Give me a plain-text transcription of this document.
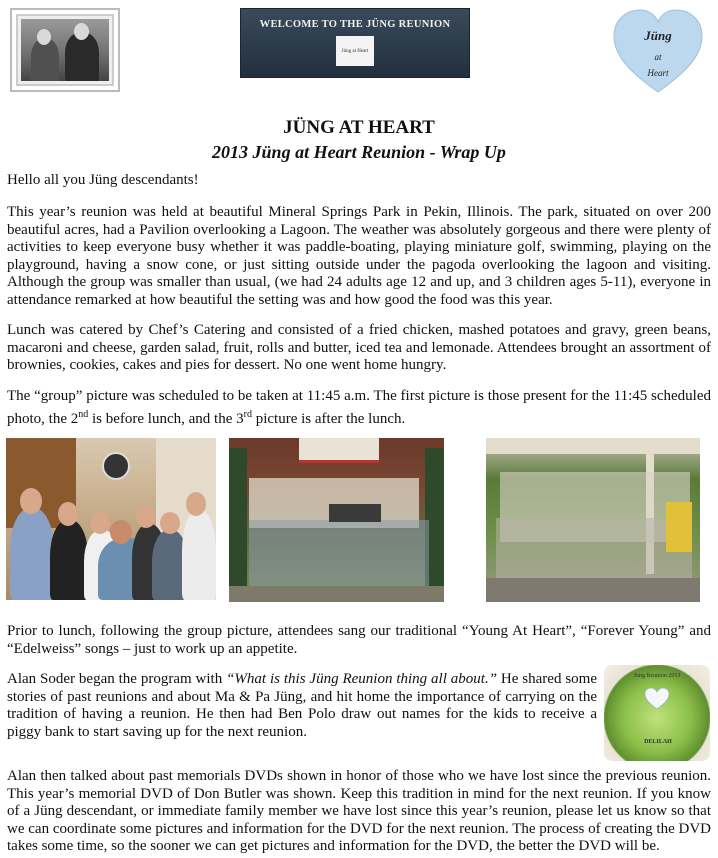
WELCOME TO THE JÜNG REUNION
Jüng at Heart
Jüng
at
Heart
JÜNG AT HEART
2013 Jüng at Heart Reunion - Wrap Up
Hello all you Jüng descendants!

This year’s reunion was held at beautiful Mineral Springs Park in Pekin, Illinois. The park, situated on over 200 beautiful acres, had a Pavilion overlooking a Lagoon. The weather was absolutely gorgeous and there were plenty of activities to keep everyone busy whether it was paddle-boating, playing miniature golf, swimming, playing on the playground, having a snow cone, or just sitting outside under the pagoda overlooking the lagoon and visiting. Although the group was smaller than usual, (we had 24 adults age 12 and up, and 3 children ages 5-11), everyone in attendance remarked at how beautiful the setting was and how good the food was this year.

Lunch was catered by Chef’s Catering and consisted of a fried chicken, mashed potatoes and gravy, green beans, macaroni and cheese, garden salad, fruit, rolls and butter, iced tea and lemonade. Attendees brought an assortment of brownies, cookies, cakes and pies for dessert. No one went home hungry.

The “group” picture was scheduled to be taken at 11:45 a.m. The first picture is those present for the 11:45 scheduled photo, the 2nd is before lunch, and the 3rd picture is after the lunch.

Prior to lunch, following the group picture, attendees sang our traditional “Young At Heart”, “Forever Young” and “Edelweiss” songs – just to work up an appetite.

Alan Soder began the program with “What is this Jüng Reunion thing all about.” He shared some stories of past reunions and about Ma & Pa Jüng, and hit home the importance of carrying on the tradition of having a reunion. He then had Ben Polo draw out names for the kids to receive a piggy bank to start saving up for the next reunion.

Jung Reunion 2013
DELILAH

Alan then talked about past memorials DVDs shown in honor of those who we have lost since the previous reunion. This year’s memorial DVD of Don Butler was shown. Keep this tradition in mind for the next reunion. If you know of a Jüng descendant, or immediate family member we have lost since this year’s reunion, please let us know so that we can coordinate some pictures and information for the DVD for the next reunion. The process of creating the DVD takes some time, so the sooner we can get pictures and information for the DVD, the better the DVD will be.
